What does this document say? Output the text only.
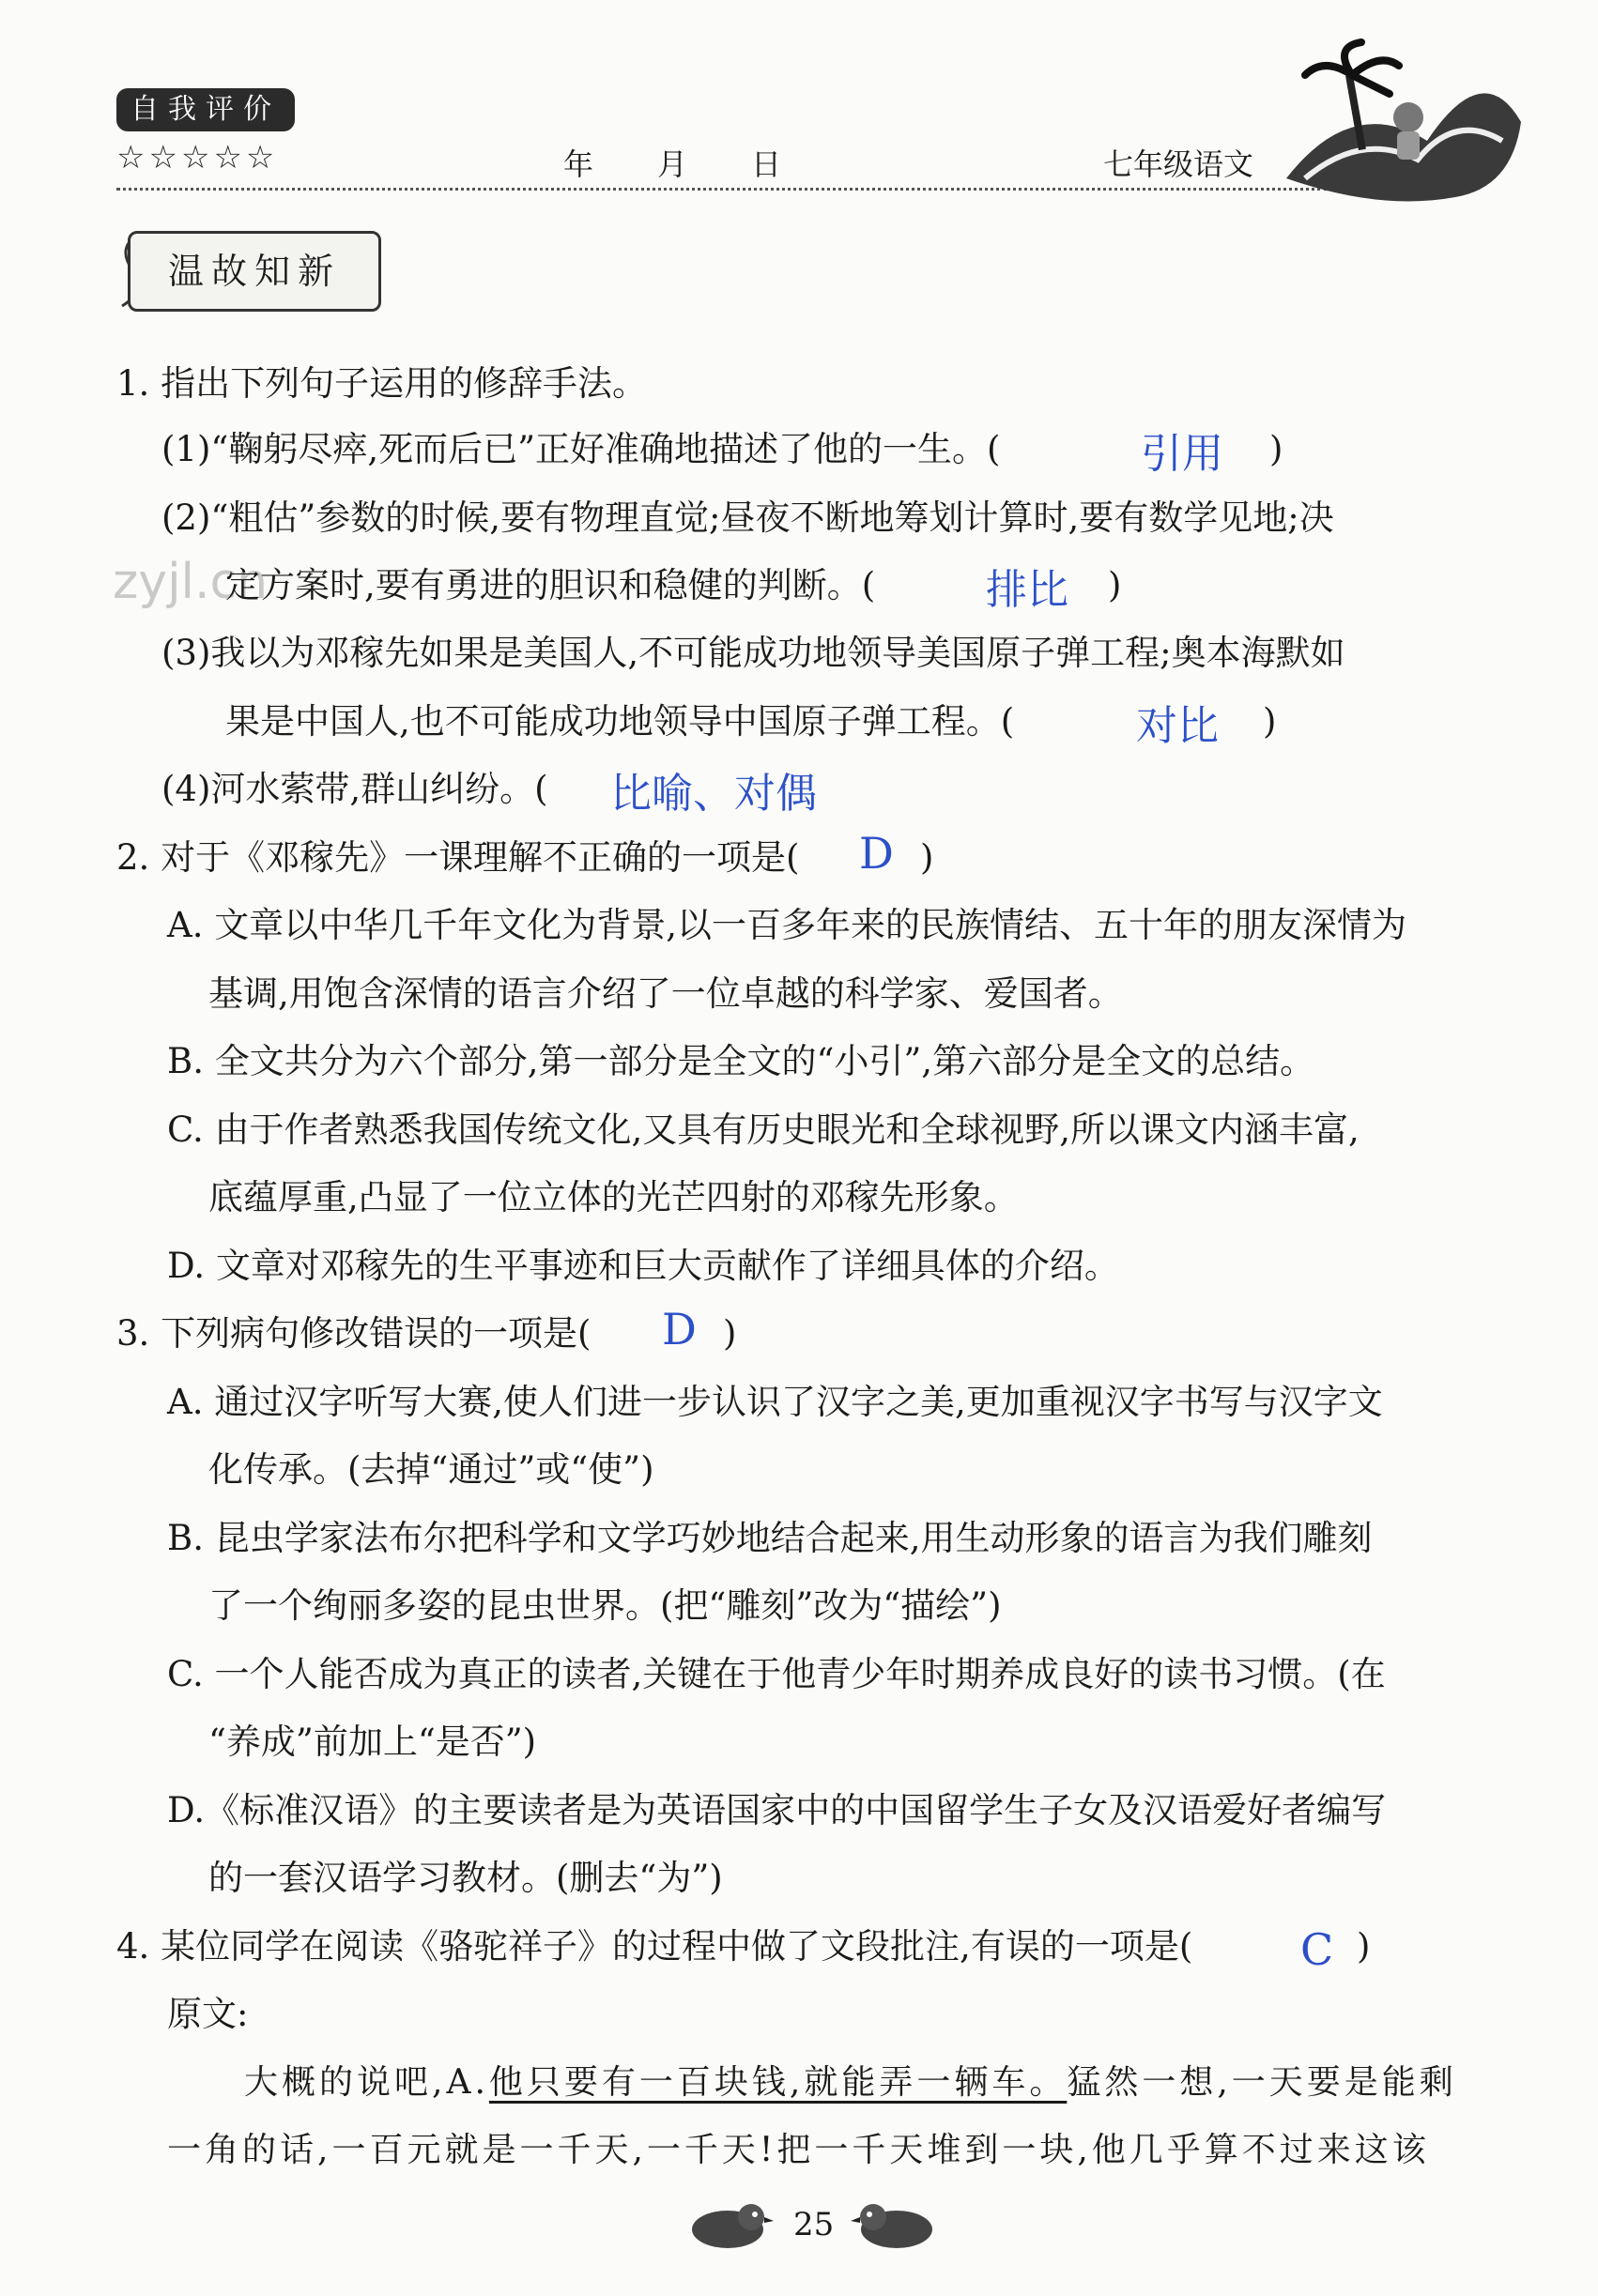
自我评价
☆☆☆☆☆	年 月 日	七年级语文
温故知新
zyjl.cn
1. 指出下列句子运用的修辞手法。
(1)“鞠躬尽瘁,死而后已”正好准确地描述了他的一生。(	引用 )
(2)“粗估”参数的时候,要有物理直觉;昼夜不断地筹划计算时,要有数学见地;决
定方案时,要有勇进的胆识和稳健的判断。(	排比 )
(3)我以为邓稼先如果是美国人,不可能成功地领导美国原子弹工程;奥本海默如
果是中国人,也不可能成功地领导中国原子弹工程。(	对比 )
(4)河水萦带,群山纠纷。( 比喻、对偶
2. 对于《邓稼先》一课理解不正确的一项是( D )
A. 文章以中华几千年文化为背景,以一百多年来的民族情结、五十年的朋友深情为
基调,用饱含深情的语言介绍了一位卓越的科学家、爱国者。
B. 全文共分为六个部分,第一部分是全文的“小引”,第六部分是全文的总结。
C. 由于作者熟悉我国传统文化,又具有历史眼光和全球视野,所以课文内涵丰富,
底蕴厚重,凸显了一位立体的光芒四射的邓稼先形象。
D. 文章对邓稼先的生平事迹和巨大贡献作了详细具体的介绍。
3. 下列病句修改错误的一项是( D )
A. 通过汉字听写大赛,使人们进一步认识了汉字之美,更加重视汉字书写与汉字文
化传承。(去掉“通过”或“使”)
B. 昆虫学家法布尔把科学和文学巧妙地结合起来,用生动形象的语言为我们雕刻
了一个绚丽多姿的昆虫世界。(把“雕刻”改为“描绘”)
C. 一个人能否成为真正的读者,关键在于他青少年时期养成良好的读书习惯。(在
“养成”前加上“是否”)
D.《标准汉语》的主要读者是为英语国家中的中国留学生子女及汉语爱好者编写
的一套汉语学习教材。(删去“为”)
4. 某位同学在阅读《骆驼祥子》的过程中做了文段批注,有误的一项是( C )
原文:
大概的说吧,A.他只要有一百块钱,就能弄一辆车。猛然一想,一天要是能剩
一角的话,一百元就是一千天,一千天!把一千天堆到一块,他几乎算不过来这该
25
